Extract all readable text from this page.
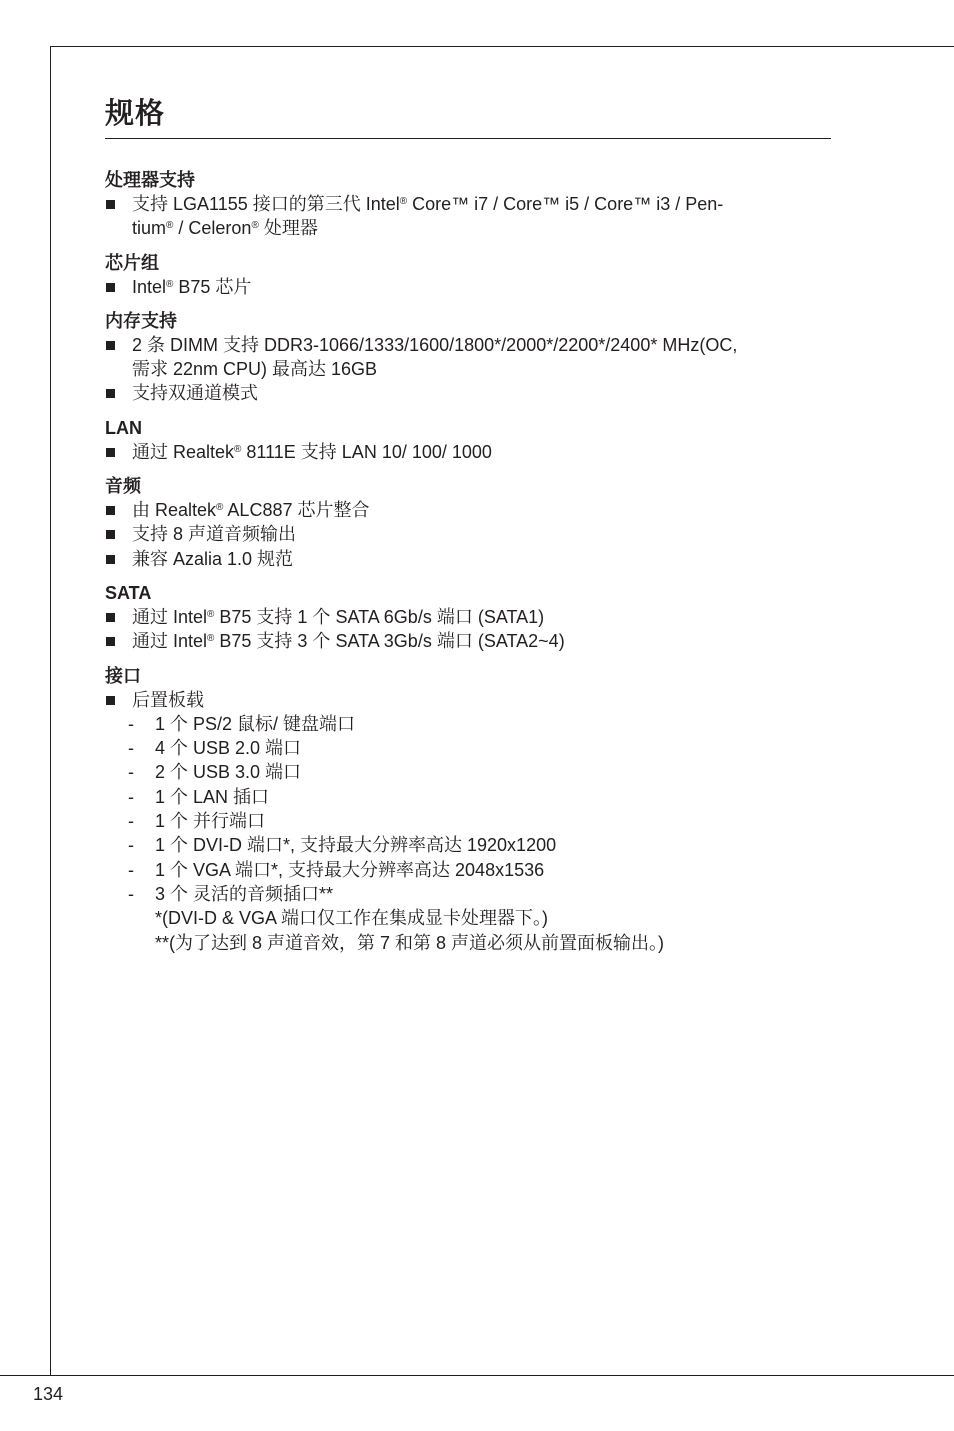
规格
处理器支持
支持 LGA1155 接口的第三代 Intel® Core™ i7 / Core™ i5 / Core™ i3 / Pen-
tium® / Celeron® 处理器
芯片组
Intel® B75 芯片
内存支持
2 条 DIMM 支持 DDR3-1066/1333/1600/1800*/2000*/2200*/2400* MHz(OC,
需求 22nm CPU) 最高达 16GB
支持双通道模式
LAN
通过 Realtek® 8111E 支持 LAN 10/ 100/ 1000
音频
由 Realtek® ALC887 芯片整合
支持 8 声道音频输出
兼容 Azalia 1.0 规范
SATA
通过 Intel® B75 支持 1 个 SATA 6Gb/s 端口 (SATA1)
通过 Intel® B75 支持 3 个 SATA 3Gb/s 端口 (SATA2~4)
接口
后置板载
- 1 个 PS/2 鼠标/ 键盘端口
- 4 个 USB 2.0 端口
- 2 个 USB 3.0 端口
- 1 个 LAN 插口
- 1 个 并行端口
- 1 个 DVI-D 端口*, 支持最大分辨率高达 1920x1200
- 1 个 VGA 端口*, 支持最大分辨率高达 2048x1536
- 3 个 灵活的音频插口**
*(DVI-D & VGA 端口仅工作在集成显卡处理器下。)
**(为了达到 8 声道音效，第 7 和第 8 声道必须从前置面板输出。)
134
